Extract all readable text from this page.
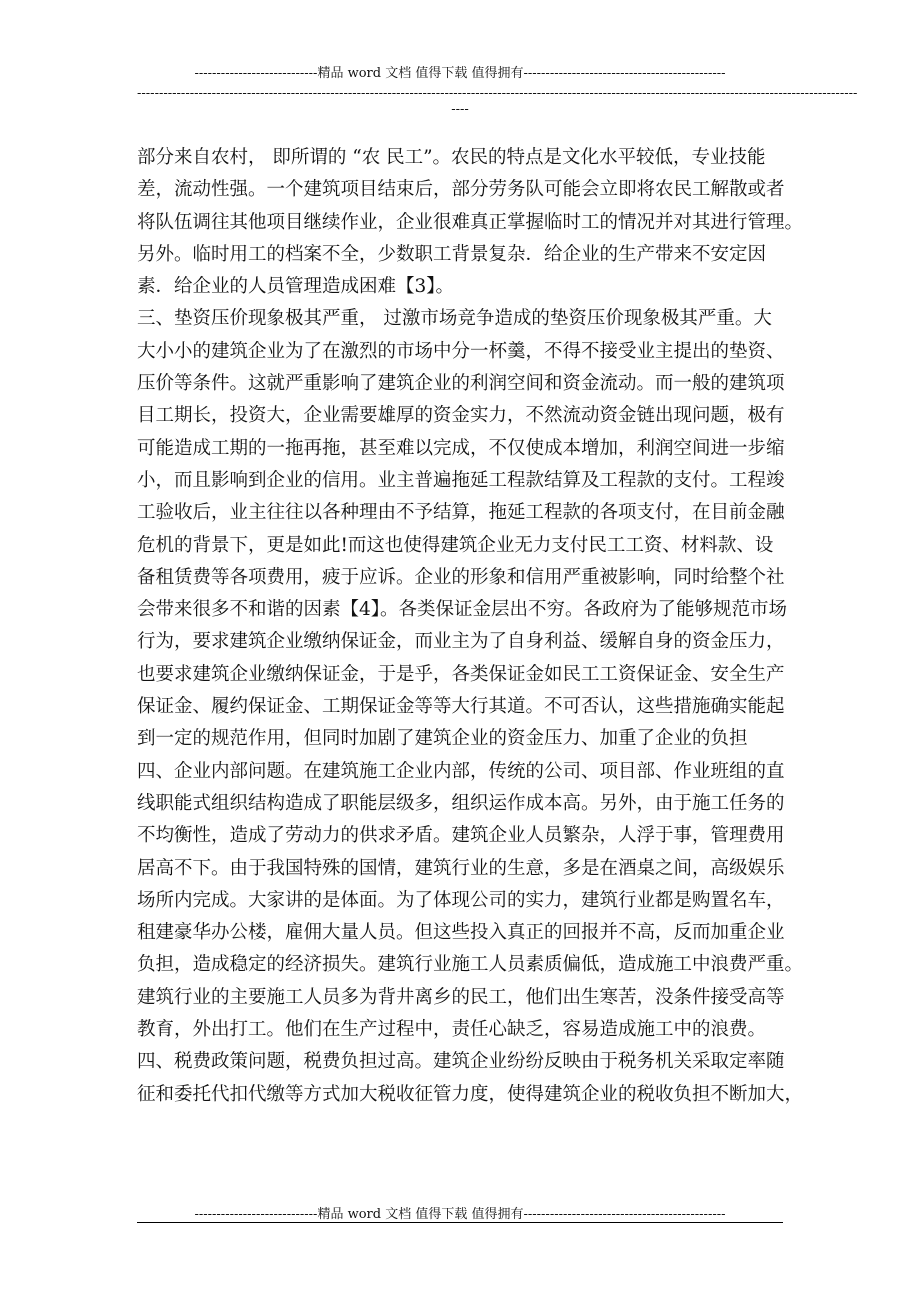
----------------------------精品 word 文档 值得下载 值得拥有----------------------------------------------
--------------------------------------------------------------------------------------------------------------------------------------------------------------------
----

部分来自农村， 即所谓的 “农 民工”。农民的特点是文化水平较低，专业技能

差，流动性强。一个建筑项目结束后，部分劳务队可能会立即将农民工解散或者

将队伍调往其他项目继续作业，企业很难真正掌握临时工的情况并对其进行管理。

另外。临时用工的档案不全，少数职工背景复杂．给企业的生产带来不安定因

素．给企业的人员管理造成困难【3】。

三、垫资压价现象极其严重， 过激市场竞争造成的垫资压价现象极其严重。大

大小小的建筑企业为了在激烈的市场中分一杯羹，不得不接受业主提出的垫资、

压价等条件。这就严重影响了建筑企业的利润空间和资金流动。而一般的建筑项

目工期长，投资大，企业需要雄厚的资金实力，不然流动资金链出现问题，极有

可能造成工期的一拖再拖，甚至难以完成，不仅使成本增加，利润空间进一步缩

小，而且影响到企业的信用。业主普遍拖延工程款结算及工程款的支付。工程竣

工验收后，业主往往以各种理由不予结算，拖延工程款的各项支付，在目前金融

危机的背景下，更是如此!而这也使得建筑企业无力支付民工工资、材料款、设

备租赁费等各项费用，疲于应诉。企业的形象和信用严重被影响，同时给整个社

会带来很多不和谐的因素【4】。各类保证金层出不穷。各政府为了能够规范市场

行为，要求建筑企业缴纳保证金，而业主为了自身利益、缓解自身的资金压力，

也要求建筑企业缴纳保证金，于是乎，各类保证金如民工工资保证金、安全生产

保证金、履约保证金、工期保证金等等大行其道。不可否认，这些措施确实能起

到一定的规范作用，但同时加剧了建筑企业的资金压力、加重了企业的负担

四、企业内部问题。在建筑施工企业内部，传统的公司、项目部、作业班组的直

线职能式组织结构造成了职能层级多，组织运作成本高。另外，由于施工任务的

不均衡性，造成了劳动力的供求矛盾。建筑企业人员繁杂，人浮于事，管理费用

居高不下。由于我国特殊的国情，建筑行业的生意，多是在酒桌之间，高级娱乐

场所内完成。大家讲的是体面。为了体现公司的实力，建筑行业都是购置名车，

租建豪华办公楼，雇佣大量人员。但这些投入真正的回报并不高，反而加重企业

负担，造成稳定的经济损失。建筑行业施工人员素质偏低，造成施工中浪费严重。

建筑行业的主要施工人员多为背井离乡的民工，他们出生寒苦，没条件接受高等

教育，外出打工。他们在生产过程中，责任心缺乏，容易造成施工中的浪费。

四、税费政策问题，税费负担过高。建筑企业纷纷反映由于税务机关采取定率随

征和委托代扣代缴等方式加大税收征管力度，使得建筑企业的税收负担不断加大，

----------------------------精品 word 文档 值得下载 值得拥有----------------------------------------------
